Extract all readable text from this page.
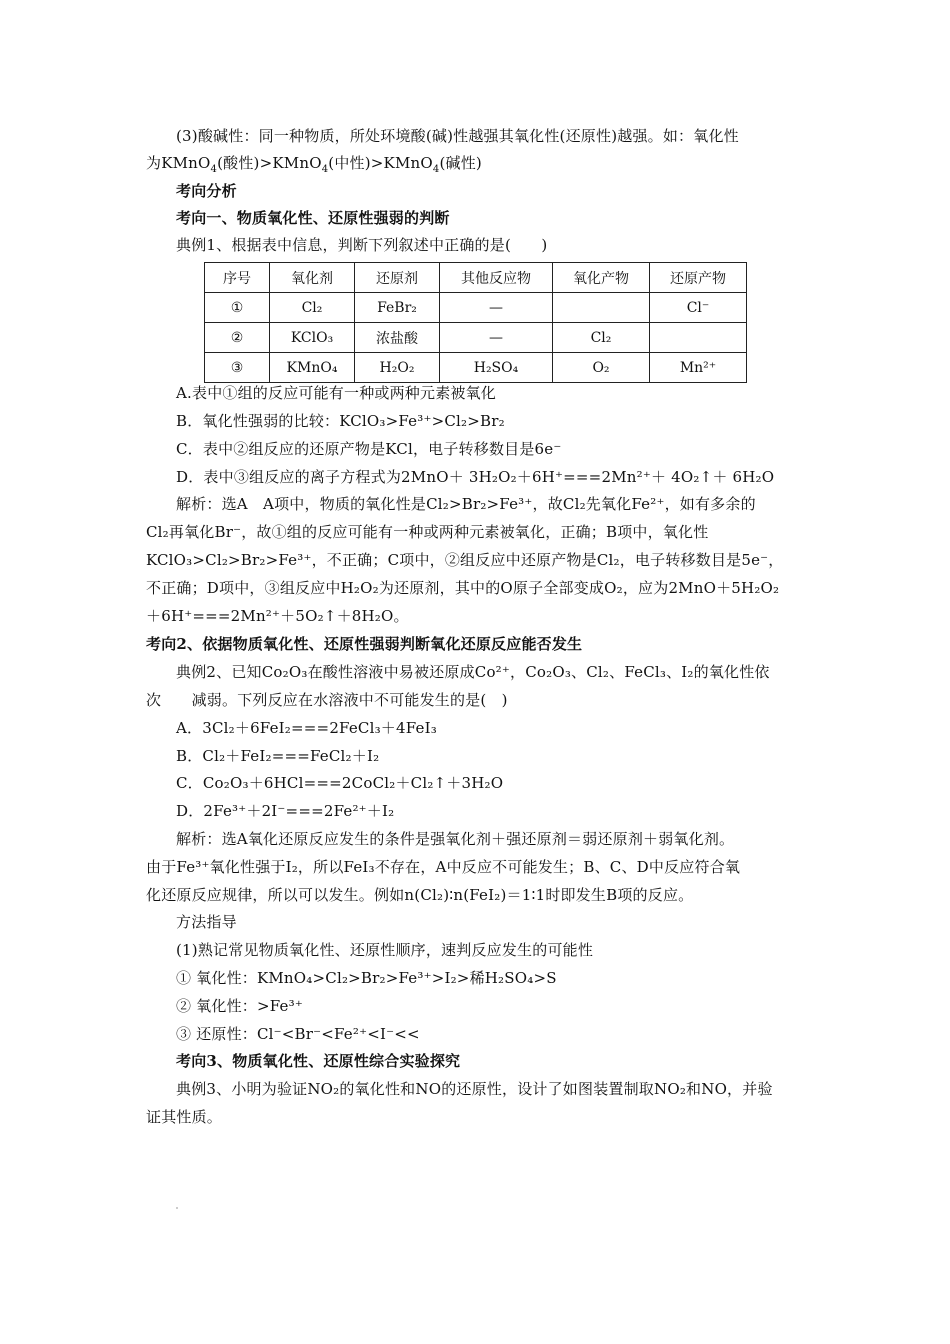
(3)酸碱性：同一种物质，所处环境酸(碱)性越强其氧化性(还原性)越强。如：氧化性
为KMnO$_4$(酸性)>KMnO$_4$(中性)>KMnO$_4$(碱性)
考向分析
考向一、物质氧化性、还原性强弱的判断
典例1、根据表中信息，判断下列叙述中正确的是(　　)
序号	氧化剂	还原剂	其他反应物	氧化产物	还原产物
①	Cl₂	FeBr₂	—		Cl⁻
②	KClO₃	浓盐酸	—	Cl₂	
③	KMnO₄	H₂O₂	H₂SO₄	O₂	Mn²⁺
A.表中①组的反应可能有一种或两种元素被氧化
B．氧化性强弱的比较：KClO₃>Fe³⁺>Cl₂>Br₂
C．表中②组反应的还原产物是KCl，电子转移数目是6e⁻
D．表中③组反应的离子方程式为2MnO＋ 3H₂O₂＋6H⁺===2Mn²⁺＋ 4O₂↑＋ 6H₂O
解析：选A　A项中，物质的氧化性是Cl₂>Br₂>Fe³⁺，故Cl₂先氧化Fe²⁺，如有多余的
Cl₂再氧化Br⁻，故①组的反应可能有一种或两种元素被氧化，正确；B项中，氧化性
KClO₃>Cl₂>Br₂>Fe³⁺，不正确；C项中，②组反应中还原产物是Cl₂，电子转移数目是5e⁻，
不正确；D项中，③组反应中H₂O₂为还原剂，其中的O原子全部变成O₂，应为2MnO＋5H₂O₂
＋6H⁺===2Mn²⁺＋5O₂↑＋8H₂O。
考向2、依据物质氧化性、还原性强弱判断氧化还原反应能否发生
典例2、已知Co₂O₃在酸性溶液中易被还原成Co²⁺，Co₂O₃、Cl₂、FeCl₃、I₂的氧化性依
次　　减弱。下列反应在水溶液中不可能发生的是(　)
A．3Cl₂＋6FeI₂===2FeCl₃＋4FeI₃
B．Cl₂＋FeI₂===FeCl₂＋I₂
C．Co₂O₃＋6HCl===2CoCl₂＋Cl₂↑＋3H₂O
D．2Fe³⁺＋2I⁻===2Fe²⁺＋I₂
解析：选A氧化还原反应发生的条件是强氧化剂＋强还原剂＝弱还原剂＋弱氧化剂。
由于Fe³⁺氧化性强于I₂，所以FeI₃不存在，A中反应不可能发生；B、C、D中反应符合氧
化还原反应规律，所以可以发生。例如n(Cl₂)∶n(FeI₂)＝1∶1时即发生B项的反应。
方法指导
(1)熟记常见物质氧化性、还原性顺序，速判反应发生的可能性
① 氧化性：KMnO₄>Cl₂>Br₂>Fe³⁺>I₂>稀H₂SO₄>S
② 氧化性：>Fe³⁺
③ 还原性：Cl⁻<Br⁻<Fe²⁺<I⁻<<
考向3、物质氧化性、还原性综合实验探究
典例3、小明为验证NO₂的氧化性和NO的还原性，设计了如图装置制取NO₂和NO，并验
证其性质。
